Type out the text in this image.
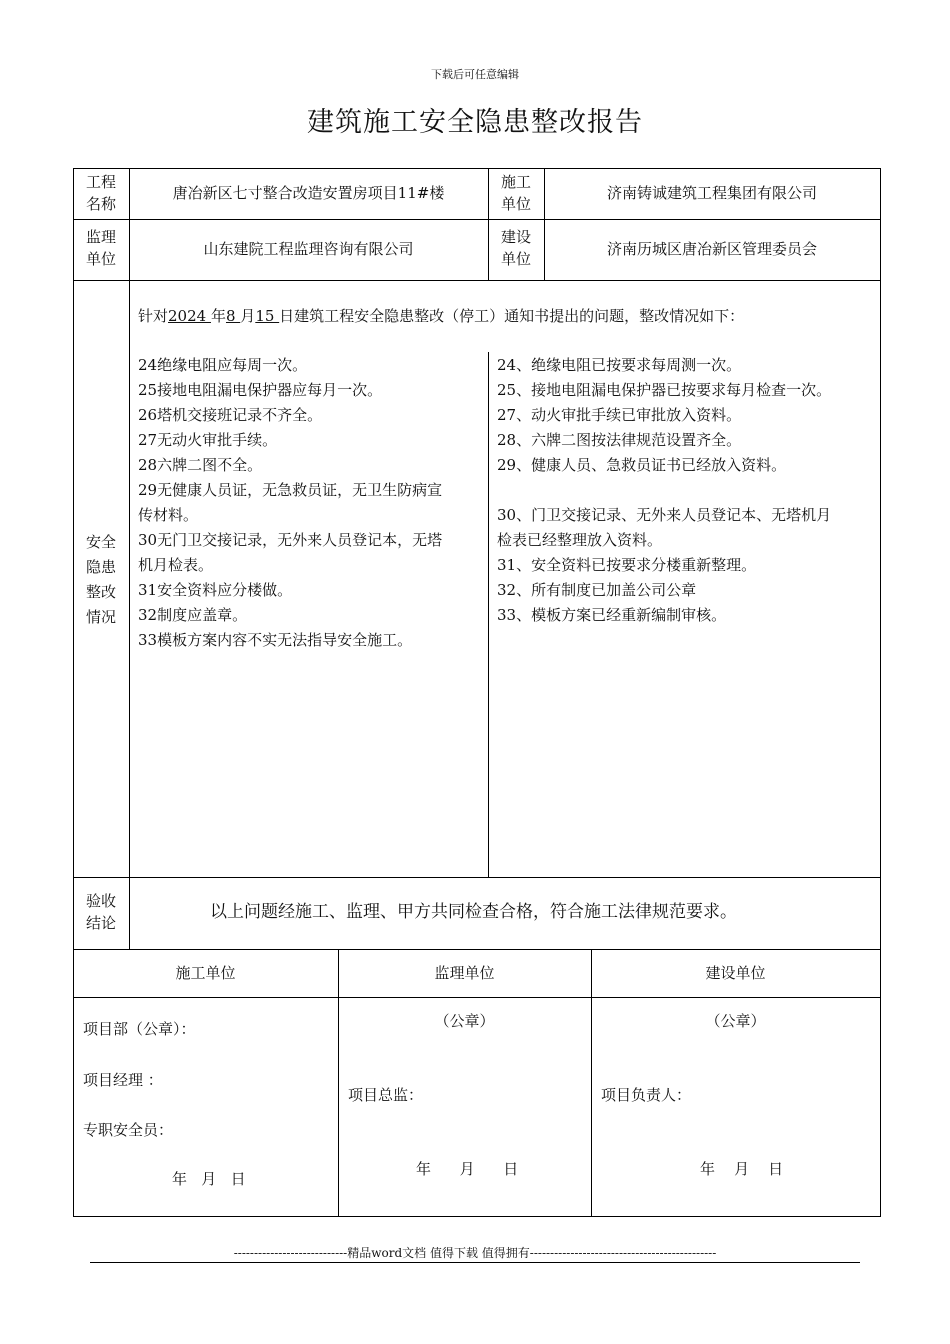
下载后可任意编辑
建筑施工安全隐患整改报告
工程
名称
唐冶新区七寸整合改造安置房项目11#楼
施工
单位
济南铸诚建筑工程集团有限公司
监理
单位
山东建院工程监理咨询有限公司
建设
单位
济南历城区唐冶新区管理委员会
安全
隐患
整改
情况
针对2024 年8 月15 日建筑工程安全隐患整改（停工）通知书提出的问题，整改情况如下：
24绝缘电阻应每周一次。
25接地电阻漏电保护器应每月一次。
26塔机交接班记录不齐全。
27无动火审批手续。
28六牌二图不全。
29无健康人员证，无急救员证，无卫生防病宣
传材料。
30无门卫交接记录，无外来人员登记本，无塔
机月检表。
31安全资料应分楼做。
32制度应盖章。
33模板方案内容不实无法指导安全施工。
24、绝缘电阻已按要求每周测一次。
25、接地电阻漏电保护器已按要求每月检查一次。
27、动火审批手续已审批放入资料。
28、六牌二图按法律规范设置齐全。
29、健康人员、急救员证书已经放入资料。
30、门卫交接记录、无外来人员登记本、无塔机月
检表已经整理放入资料。
31、安全资料已按要求分楼重新整理。
32、所有制度已加盖公司公章
33、模板方案已经重新编制审核。
验收
结论
以上问题经施工、监理、甲方共同检查合格，符合施工法律规范要求。
施工单位	监理单位	建设单位
项目部（公章）：
项目经理 ：
专职安全员：
年   月   日
（公章）
项目总监：
年      月      日
（公章）
项目负责人：
年    月    日
----------------------------精品word文档 值得下载 值得拥有----------------------------------------------
